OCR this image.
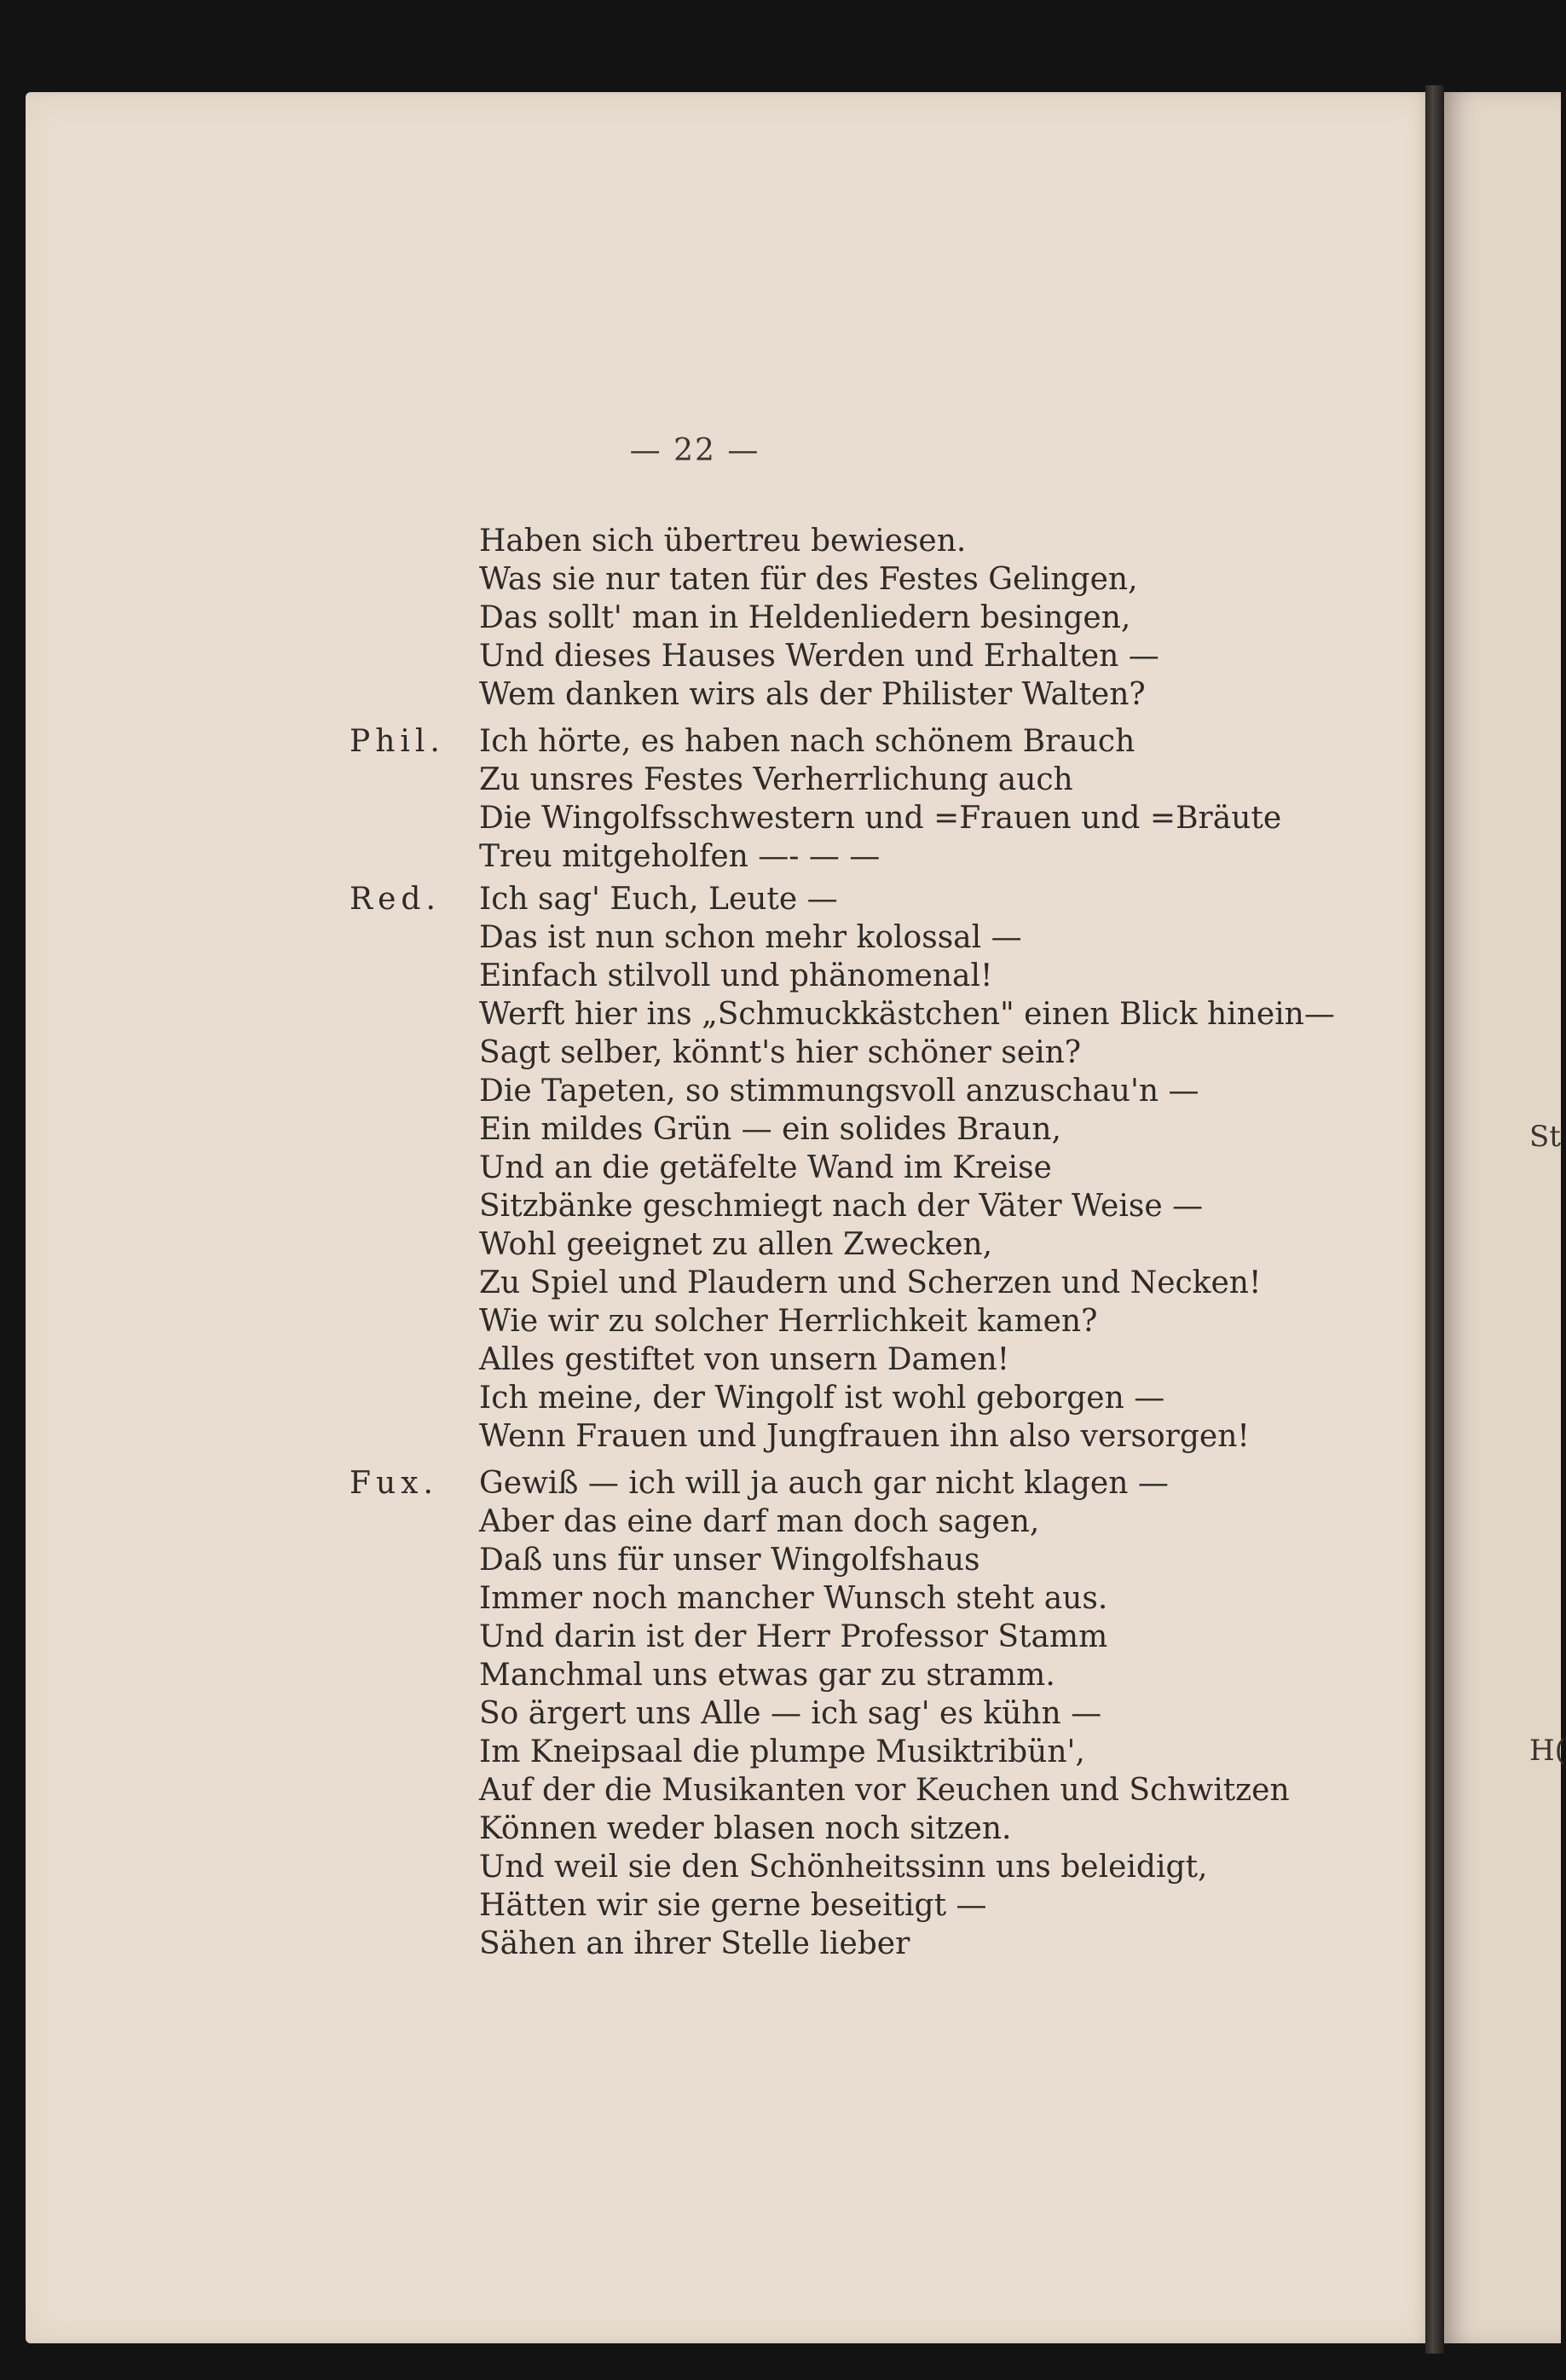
— 22 —
Phil.
Red.
Fux.
Haben sich übertreu bewiesen.
Was sie nur taten für des Festes Gelingen,
Das sollt' man in Heldenliedern besingen,
Und dieses Hauses Werden und Erhalten —
Wem danken wirs als der Philister Walten?
Ich hörte, es haben nach schönem Brauch
Zu unsres Festes Verherrlichung auch
Die Wingolfsschwestern und =Frauen und =Bräute
Treu mitgeholfen —- — —
Ich sag' Euch, Leute —
Das ist nun schon mehr kolossal —
Einfach stilvoll und phänomenal!
Werft hier ins „Schmuckkästchen" einen Blick hinein—
Sagt selber, könnt's hier schöner sein?
Die Tapeten, so stimmungsvoll anzuschau'n —
Ein mildes Grün — ein solides Braun,
Und an die getäfelte Wand im Kreise
Sitzbänke geschmiegt nach der Väter Weise —
Wohl geeignet zu allen Zwecken,
Zu Spiel und Plaudern und Scherzen und Necken!
Wie wir zu solcher Herrlichkeit kamen?
Alles gestiftet von unsern Damen!
Ich meine, der Wingolf ist wohl geborgen —
Wenn Frauen und Jungfrauen ihn also versorgen!
Gewiß — ich will ja auch gar nicht klagen —
Aber das eine darf man doch sagen,
Daß uns für unser Wingolfshaus
Immer noch mancher Wunsch steht aus.
Und darin ist der Herr Professor Stamm
Manchmal uns etwas gar zu stramm.
So ärgert uns Alle — ich sag' es kühn —
Im Kneipsaal die plumpe Musiktribün',
Auf der die Musikanten vor Keuchen und Schwitzen
Können weder blasen noch sitzen.
Und weil sie den Schönheitssinn uns beleidigt,
Hätten wir sie gerne beseitigt —
Sähen an ihrer Stelle lieber
St
H(
